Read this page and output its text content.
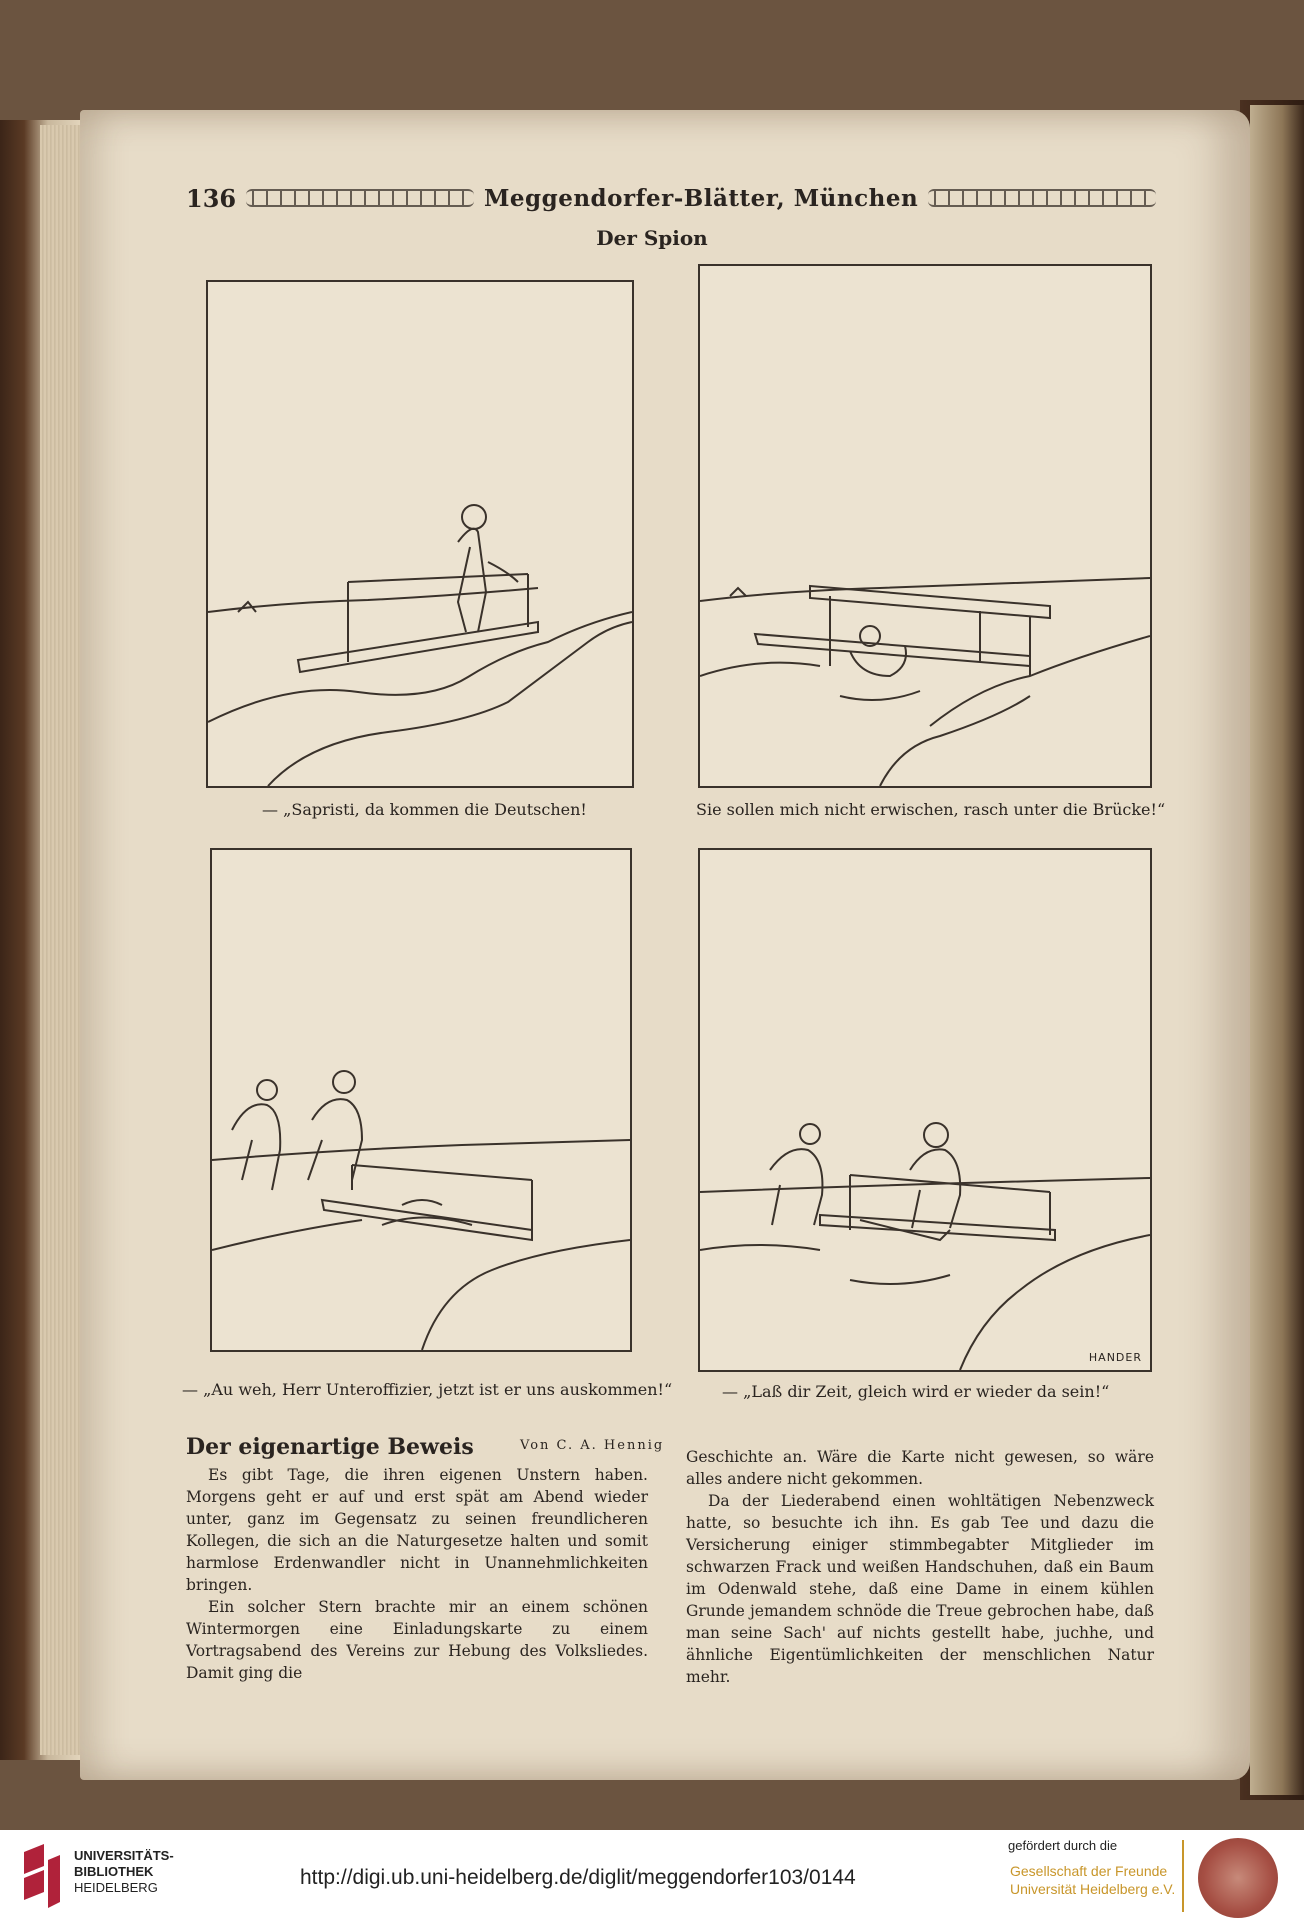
136	Meggendorfer-Blätter, München
Der Spion
— „Sapristi, da kommen die Deutschen!	Sie sollen mich nicht erwischen, rasch unter die Brücke!“
— „Au weh, Herr Unteroffizier, jetzt ist er uns auskommen!“
HANDER
— „Laß dir Zeit, gleich wird er wieder da sein!“
Der eigenartige Beweis	Von C. A. Hennig

Es gibt Tage, die ihren eigenen Unstern haben. Morgens geht er auf und erst spät am Abend wieder unter, ganz im Gegensatz zu seinen freundlicheren Kollegen, die sich an die Naturgesetze halten und somit harmlose Erdenwandler nicht in Unannehmlichkeiten bringen.

Ein solcher Stern brachte mir an einem schönen Wintermorgen eine Einladungskarte zu einem Vortragsabend des Vereins zur Hebung des Volksliedes. Damit ging die

Geschichte an. Wäre die Karte nicht gewesen, so wäre alles andere nicht gekommen.

Da der Liederabend einen wohltätigen Nebenzweck hatte, so besuchte ich ihn. Es gab Tee und dazu die Versicherung einiger stimmbegabter Mitglieder im schwarzen Frack und weißen Handschuhen, daß ein Baum im Odenwald stehe, daß eine Dame in einem kühlen Grunde jemandem schnöde die Treue gebrochen habe, daß man seine Sach' auf nichts gestellt habe, juchhe, und ähnliche Eigentümlichkeiten der menschlichen Natur mehr.

UNIVERSITÄTS-
BIBLIOTHEK
HEIDELBERG	http://digi.ub.uni-heidelberg.de/diglit/meggendorfer103/0144
gefördert durch die
Gesellschaft der Freunde
Universität Heidelberg e.V.
